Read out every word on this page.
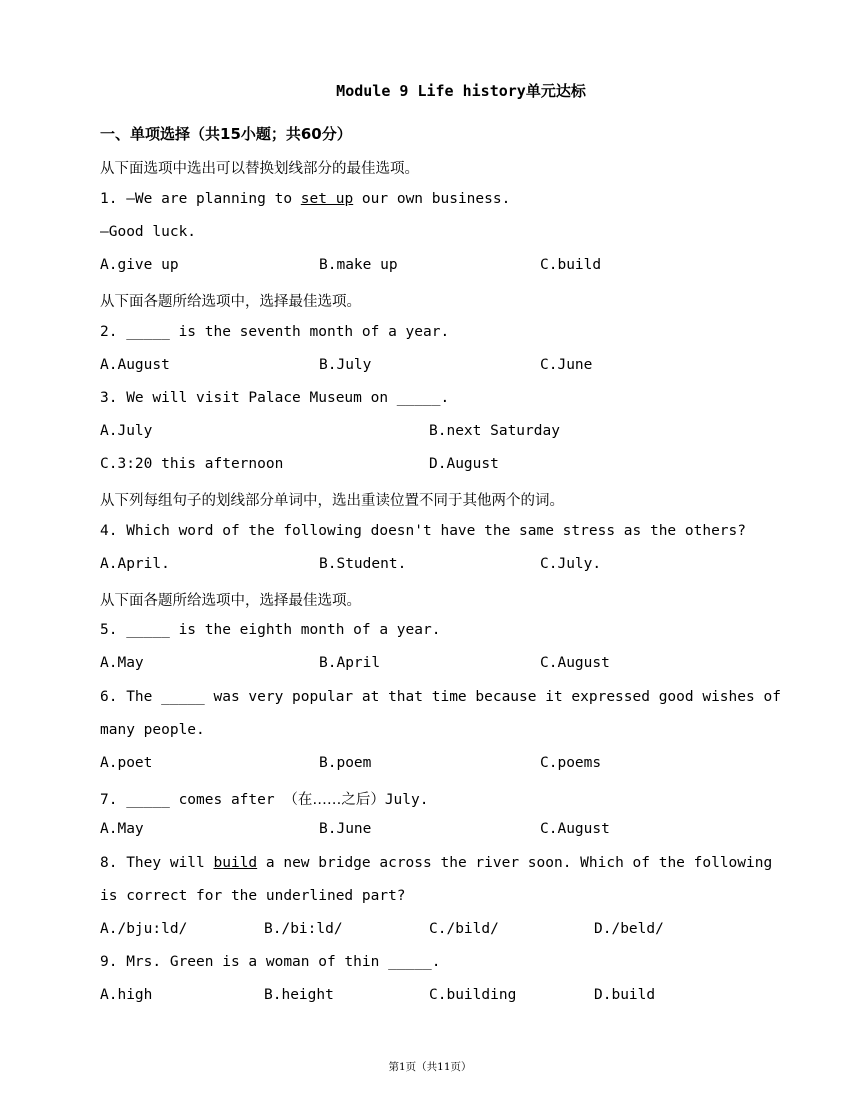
Module 9 Life history单元达标
一、单项选择（共15小题；共60分）
从下面选项中选出可以替换划线部分的最佳选项。
1. —We are planning to set up our own business.
—Good luck.
A.give up	B.make up	C.build
从下面各题所给选项中，选择最佳选项。
2. _____ is the seventh month of a year.
A.August	B.July	C.June
3. We will visit Palace Museum on _____.
A.July	B.next Saturday
C.3:20 this afternoon	D.August
从下列每组句子的划线部分单词中，选出重读位置不同于其他两个的词。
4. Which word of the following doesn't have the same stress as the others?
A.April.	B.Student.	C.July.
从下面各题所给选项中，选择最佳选项。
5. _____ is the eighth month of a year.
A.May	B.April	C.August
6. The _____ was very popular at that time because it expressed good wishes of
many people.
A.poet	B.poem	C.poems
7. _____ comes after （在……之后）July.
A.May	B.June	C.August
8. They will build a new bridge across the river soon. Which of the following
is correct for the underlined part?
A./bju:ld/	B./bi:ld/	C./bild/	D./beld/
9. Mrs. Green is a woman of thin _____.
A.high	B.height	C.building	D.build
第1页（共11页）
